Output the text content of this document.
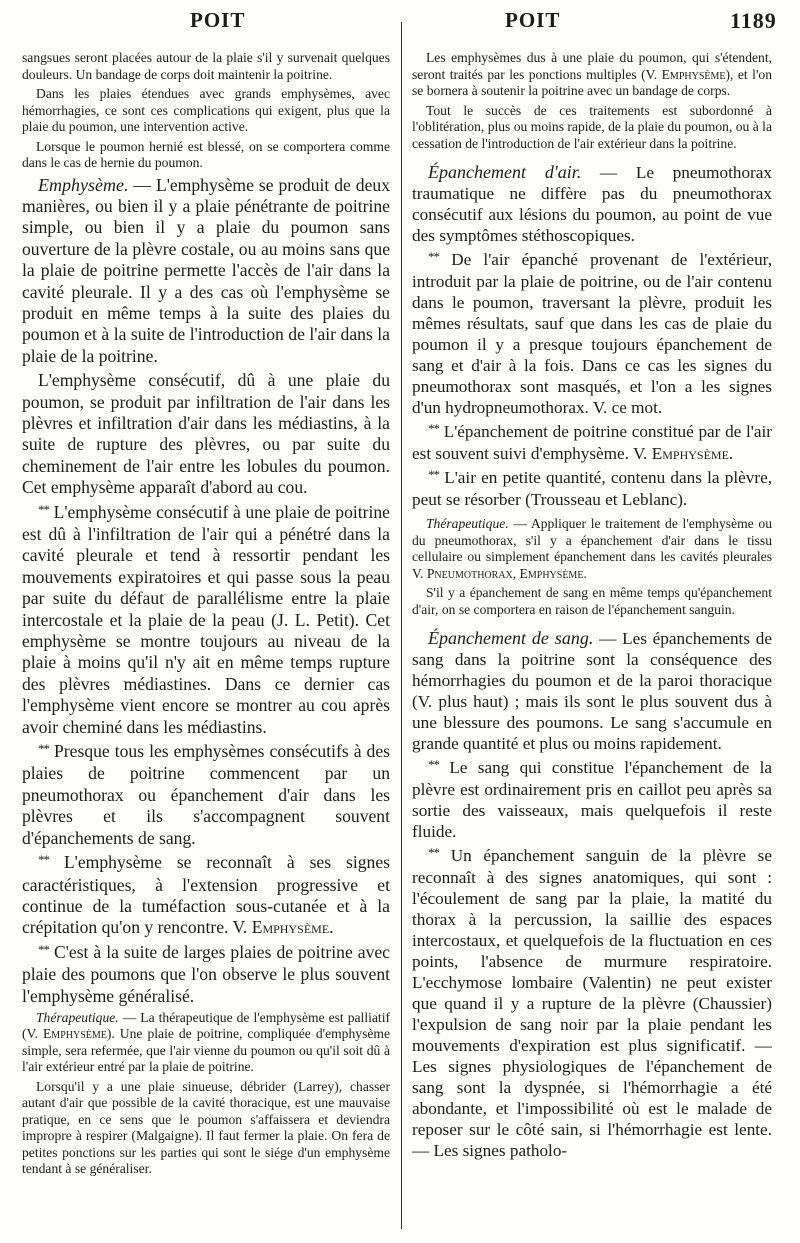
POIT	POIT	1189

sangsues seront placées autour de la plaie s'il y survenait quelques douleurs. Un bandage de corps doit maintenir la poitrine.

Dans les plaies étendues avec grands emphysèmes, avec hémorrhagies, ce sont ces complications qui exigent, plus que la plaie du poumon, une intervention active.

Lorsque le poumon hernié est blessé, on se comportera comme dans le cas de hernie du poumon.

Emphysème. — L'emphysème se produit de deux manières, ou bien il y a plaie pénétrante de poitrine simple, ou bien il y a plaie du poumon sans ouverture de la plèvre costale, ou au moins sans que la plaie de poitrine permette l'accès de l'air dans la cavité pleurale. Il y a des cas où l'emphysème se produit en même temps à la suite des plaies du poumon et à la suite de l'introduction de l'air dans la plaie de la poitrine.

L'emphysème consécutif, dû à une plaie du poumon, se produit par infiltration de l'air dans les plèvres et infiltration d'air dans les médiastins, à la suite de rupture des plèvres, ou par suite du cheminement de l'air entre les lobules du poumon. Cet emphysème apparaît d'abord au cou.

** L'emphysème consécutif à une plaie de poitrine est dû à l'infiltration de l'air qui a pénétré dans la cavité pleurale et tend à ressortir pendant les mouvements expiratoires et qui passe sous la peau par suite du défaut de parallélisme entre la plaie intercostale et la plaie de la peau (J. L. Petit). Cet emphysème se montre toujours au niveau de la plaie à moins qu'il n'y ait en même temps rupture des plèvres médiastines. Dans ce dernier cas l'emphysème vient encore se montrer au cou après avoir cheminé dans les médiastins.

** Presque tous les emphysèmes consécutifs à des plaies de poitrine commencent par un pneumothorax ou épanchement d'air dans les plèvres et ils s'accompagnent souvent d'épanchements de sang.

** L'emphysème se reconnaît à ses signes caractéristiques, à l'extension progressive et continue de la tuméfaction sous-cutanée et à la crépitation qu'on y rencontre. V. Emphysème.

** C'est à la suite de larges plaies de poitrine avec plaie des poumons que l'on observe le plus souvent l'emphysème généralisé.

Thérapeutique. — La thérapeutique de l'emphysème est palliatif (V. Emphysème). Une plaie de poitrine, compliquée d'emphysème simple, sera refermée, que l'air vienne du poumon ou qu'il soit dû à l'air extérieur entré par la plaie de poitrine.

Lorsqu'il y a une plaie sinueuse, débrider (Larrey), chasser autant d'air que possible de la cavité thoracique, est une mauvaise pratique, en ce sens que le poumon s'affaissera et deviendra impropre à respirer (Malgaigne). Il faut fermer la plaie. On fera de petites ponctions sur les parties qui sont le siége d'un emphysème tendant à se généraliser.

Les emphysèmes dus à une plaie du poumon, qui s'étendent, seront traités par les ponctions multiples (V. Emphysème), et l'on se bornera à soutenir la poitrine avec un bandage de corps.

Tout le succès de ces traitements est subordonné à l'oblitération, plus ou moins rapide, de la plaie du poumon, ou à la cessation de l'introduction de l'air extérieur dans la poitrine.

Épanchement d'air. — Le pneumothorax traumatique ne diffère pas du pneumothorax consécutif aux lésions du poumon, au point de vue des symptômes stéthoscopiques.

** De l'air épanché provenant de l'extérieur, introduit par la plaie de poitrine, ou de l'air contenu dans le poumon, traversant la plèvre, produit les mêmes résultats, sauf que dans les cas de plaie du poumon il y a presque toujours épanchement de sang et d'air à la fois. Dans ce cas les signes du pneumothorax sont masqués, et l'on a les signes d'un hydropneumothorax. V. ce mot.

** L'épanchement de poitrine constitué par de l'air est souvent suivi d'emphysème. V. Emphysème.

** L'air en petite quantité, contenu dans la plèvre, peut se résorber (Trousseau et Leblanc).

Thérapeutique. — Appliquer le traitement de l'emphysème ou du pneumothorax, s'il y a épanchement d'air dans le tissu cellulaire ou simplement épanchement dans les cavités pleurales V. Pneumothorax, Emphysème.

S'il y a épanchement de sang en même temps qu'épanchement d'air, on se comportera en raison de l'épanchement sanguin.

Épanchement de sang. — Les épanchements de sang dans la poitrine sont la conséquence des hémorrhagies du poumon et de la paroi thoracique (V. plus haut) ; mais ils sont le plus souvent dus à une blessure des poumons. Le sang s'accumule en grande quantité et plus ou moins rapidement.

** Le sang qui constitue l'épanchement de la plèvre est ordinairement pris en caillot peu après sa sortie des vaisseaux, mais quelquefois il reste fluide.

** Un épanchement sanguin de la plèvre se reconnaît à des signes anatomiques, qui sont : l'écoulement de sang par la plaie, la matité du thorax à la percussion, la saillie des espaces intercostaux, et quelquefois de la fluctuation en ces points, l'absence de murmure respiratoire. L'ecchymose lombaire (Valentin) ne peut exister que quand il y a rupture de la plèvre (Chaussier) l'expulsion de sang noir par la plaie pendant les mouvements d'expiration est plus significatif. — Les signes physiologiques de l'épanchement de sang sont la dyspnée, si l'hémorrhagie a été abondante, et l'impossibilité où est le malade de reposer sur le côté sain, si l'hémorrhagie est lente. — Les signes patholo-
